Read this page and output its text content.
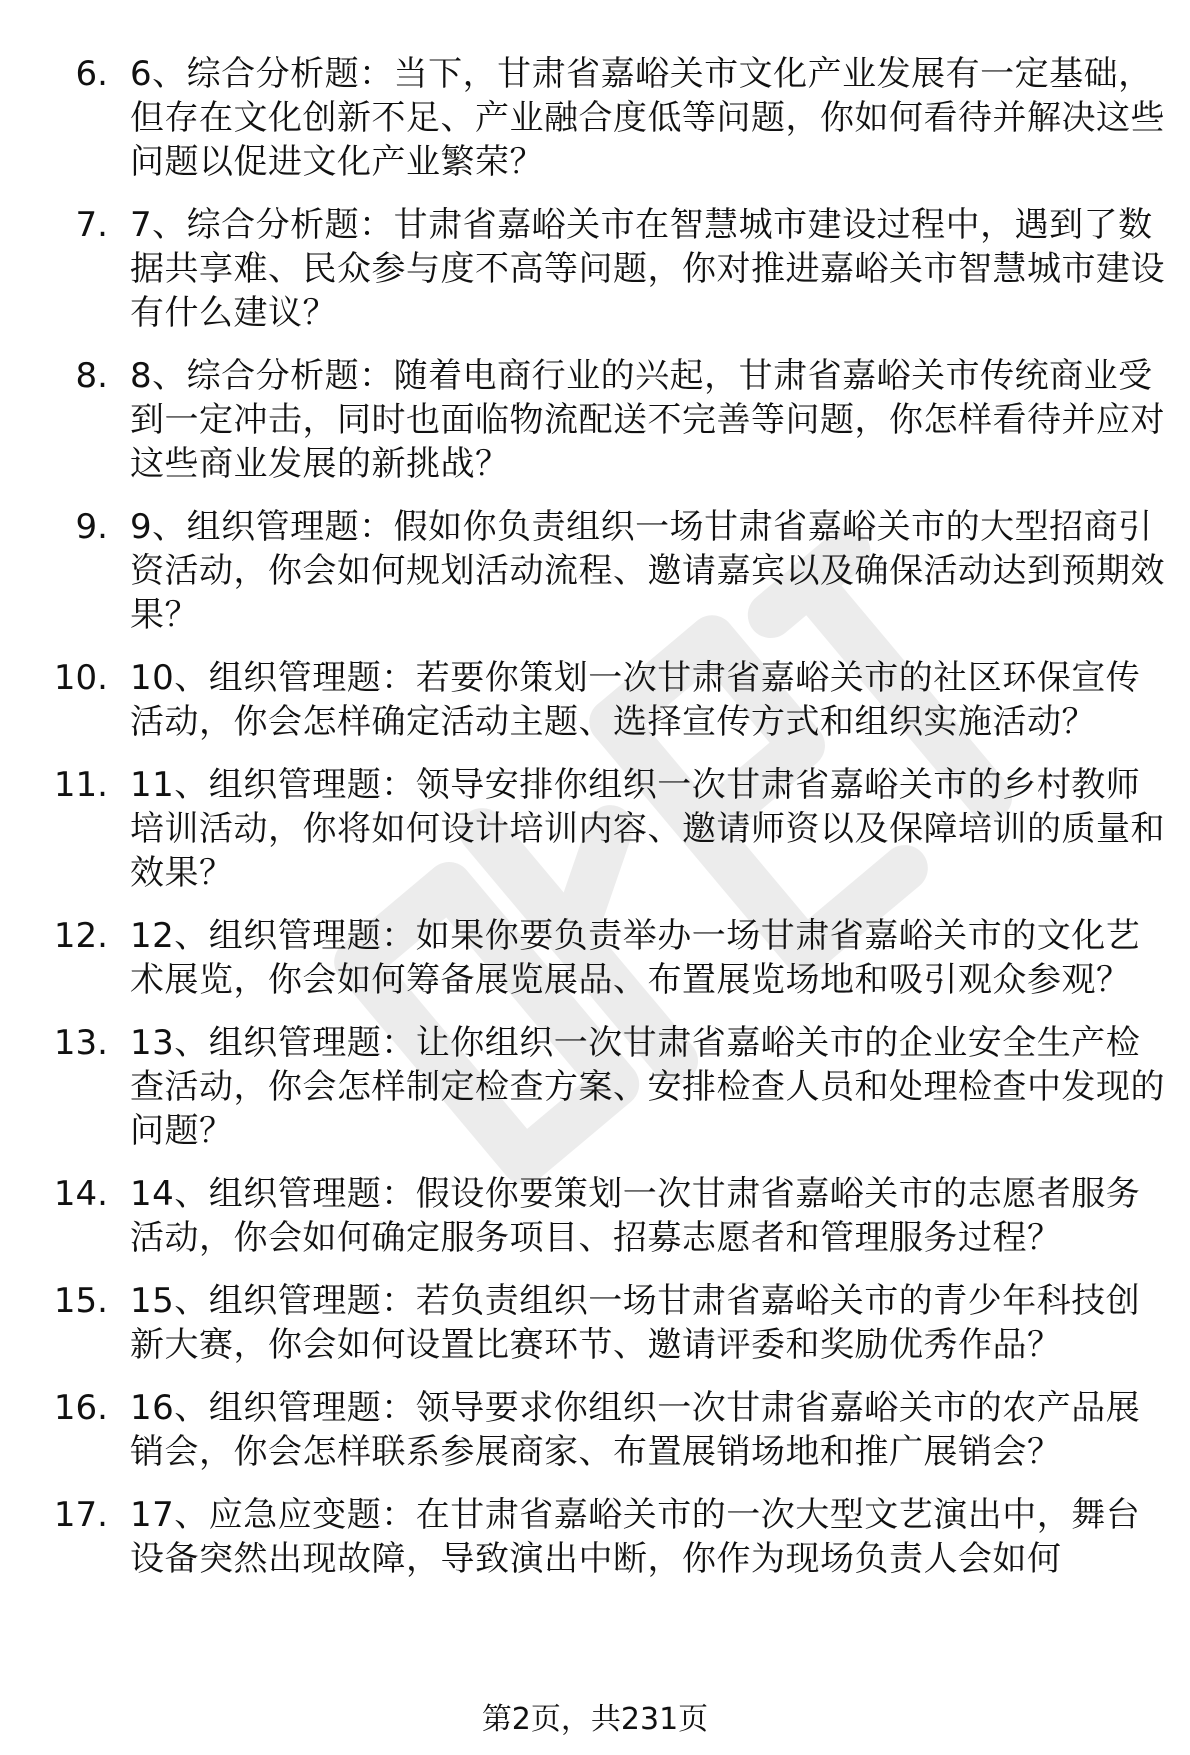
6. 6、综合分析题：当下，甘肃省嘉峪关市文化产业发展有一定基础，但存在文化创新不足、产业融合度低等问题，你如何看待并解决这些问题以促进文化产业繁荣？
7. 7、综合分析题：甘肃省嘉峪关市在智慧城市建设过程中，遇到了数据共享难、民众参与度不高等问题，你对推进嘉峪关市智慧城市建设有什么建议？
8. 8、综合分析题：随着电商行业的兴起，甘肃省嘉峪关市传统商业受到一定冲击，同时也面临物流配送不完善等问题，你怎样看待并应对这些商业发展的新挑战？
9. 9、组织管理题：假如你负责组织一场甘肃省嘉峪关市的大型招商引资活动，你会如何规划活动流程、邀请嘉宾以及确保活动达到预期效果？
10. 10、组织管理题：若要你策划一次甘肃省嘉峪关市的社区环保宣传活动，你会怎样确定活动主题、选择宣传方式和组织实施活动？
11. 11、组织管理题：领导安排你组织一次甘肃省嘉峪关市的乡村教师培训活动，你将如何设计培训内容、邀请师资以及保障培训的质量和效果？
12. 12、组织管理题：如果你要负责举办一场甘肃省嘉峪关市的文化艺术展览，你会如何筹备展览展品、布置展览场地和吸引观众参观？
13. 13、组织管理题：让你组织一次甘肃省嘉峪关市的企业安全生产检查活动，你会怎样制定检查方案、安排检查人员和处理检查中发现的问题？
14. 14、组织管理题：假设你要策划一次甘肃省嘉峪关市的志愿者服务活动，你会如何确定服务项目、招募志愿者和管理服务过程？
15. 15、组织管理题：若负责组织一场甘肃省嘉峪关市的青少年科技创新大赛，你会如何设置比赛环节、邀请评委和奖励优秀作品？
16. 16、组织管理题：领导要求你组织一次甘肃省嘉峪关市的农产品展销会，你会怎样联系参展商家、布置展销场地和推广展销会？
17. 17、应急应变题：在甘肃省嘉峪关市的一次大型文艺演出中，舞台设备突然出现故障，导致演出中断，你作为现场负责人会如何
第2页，共231页
